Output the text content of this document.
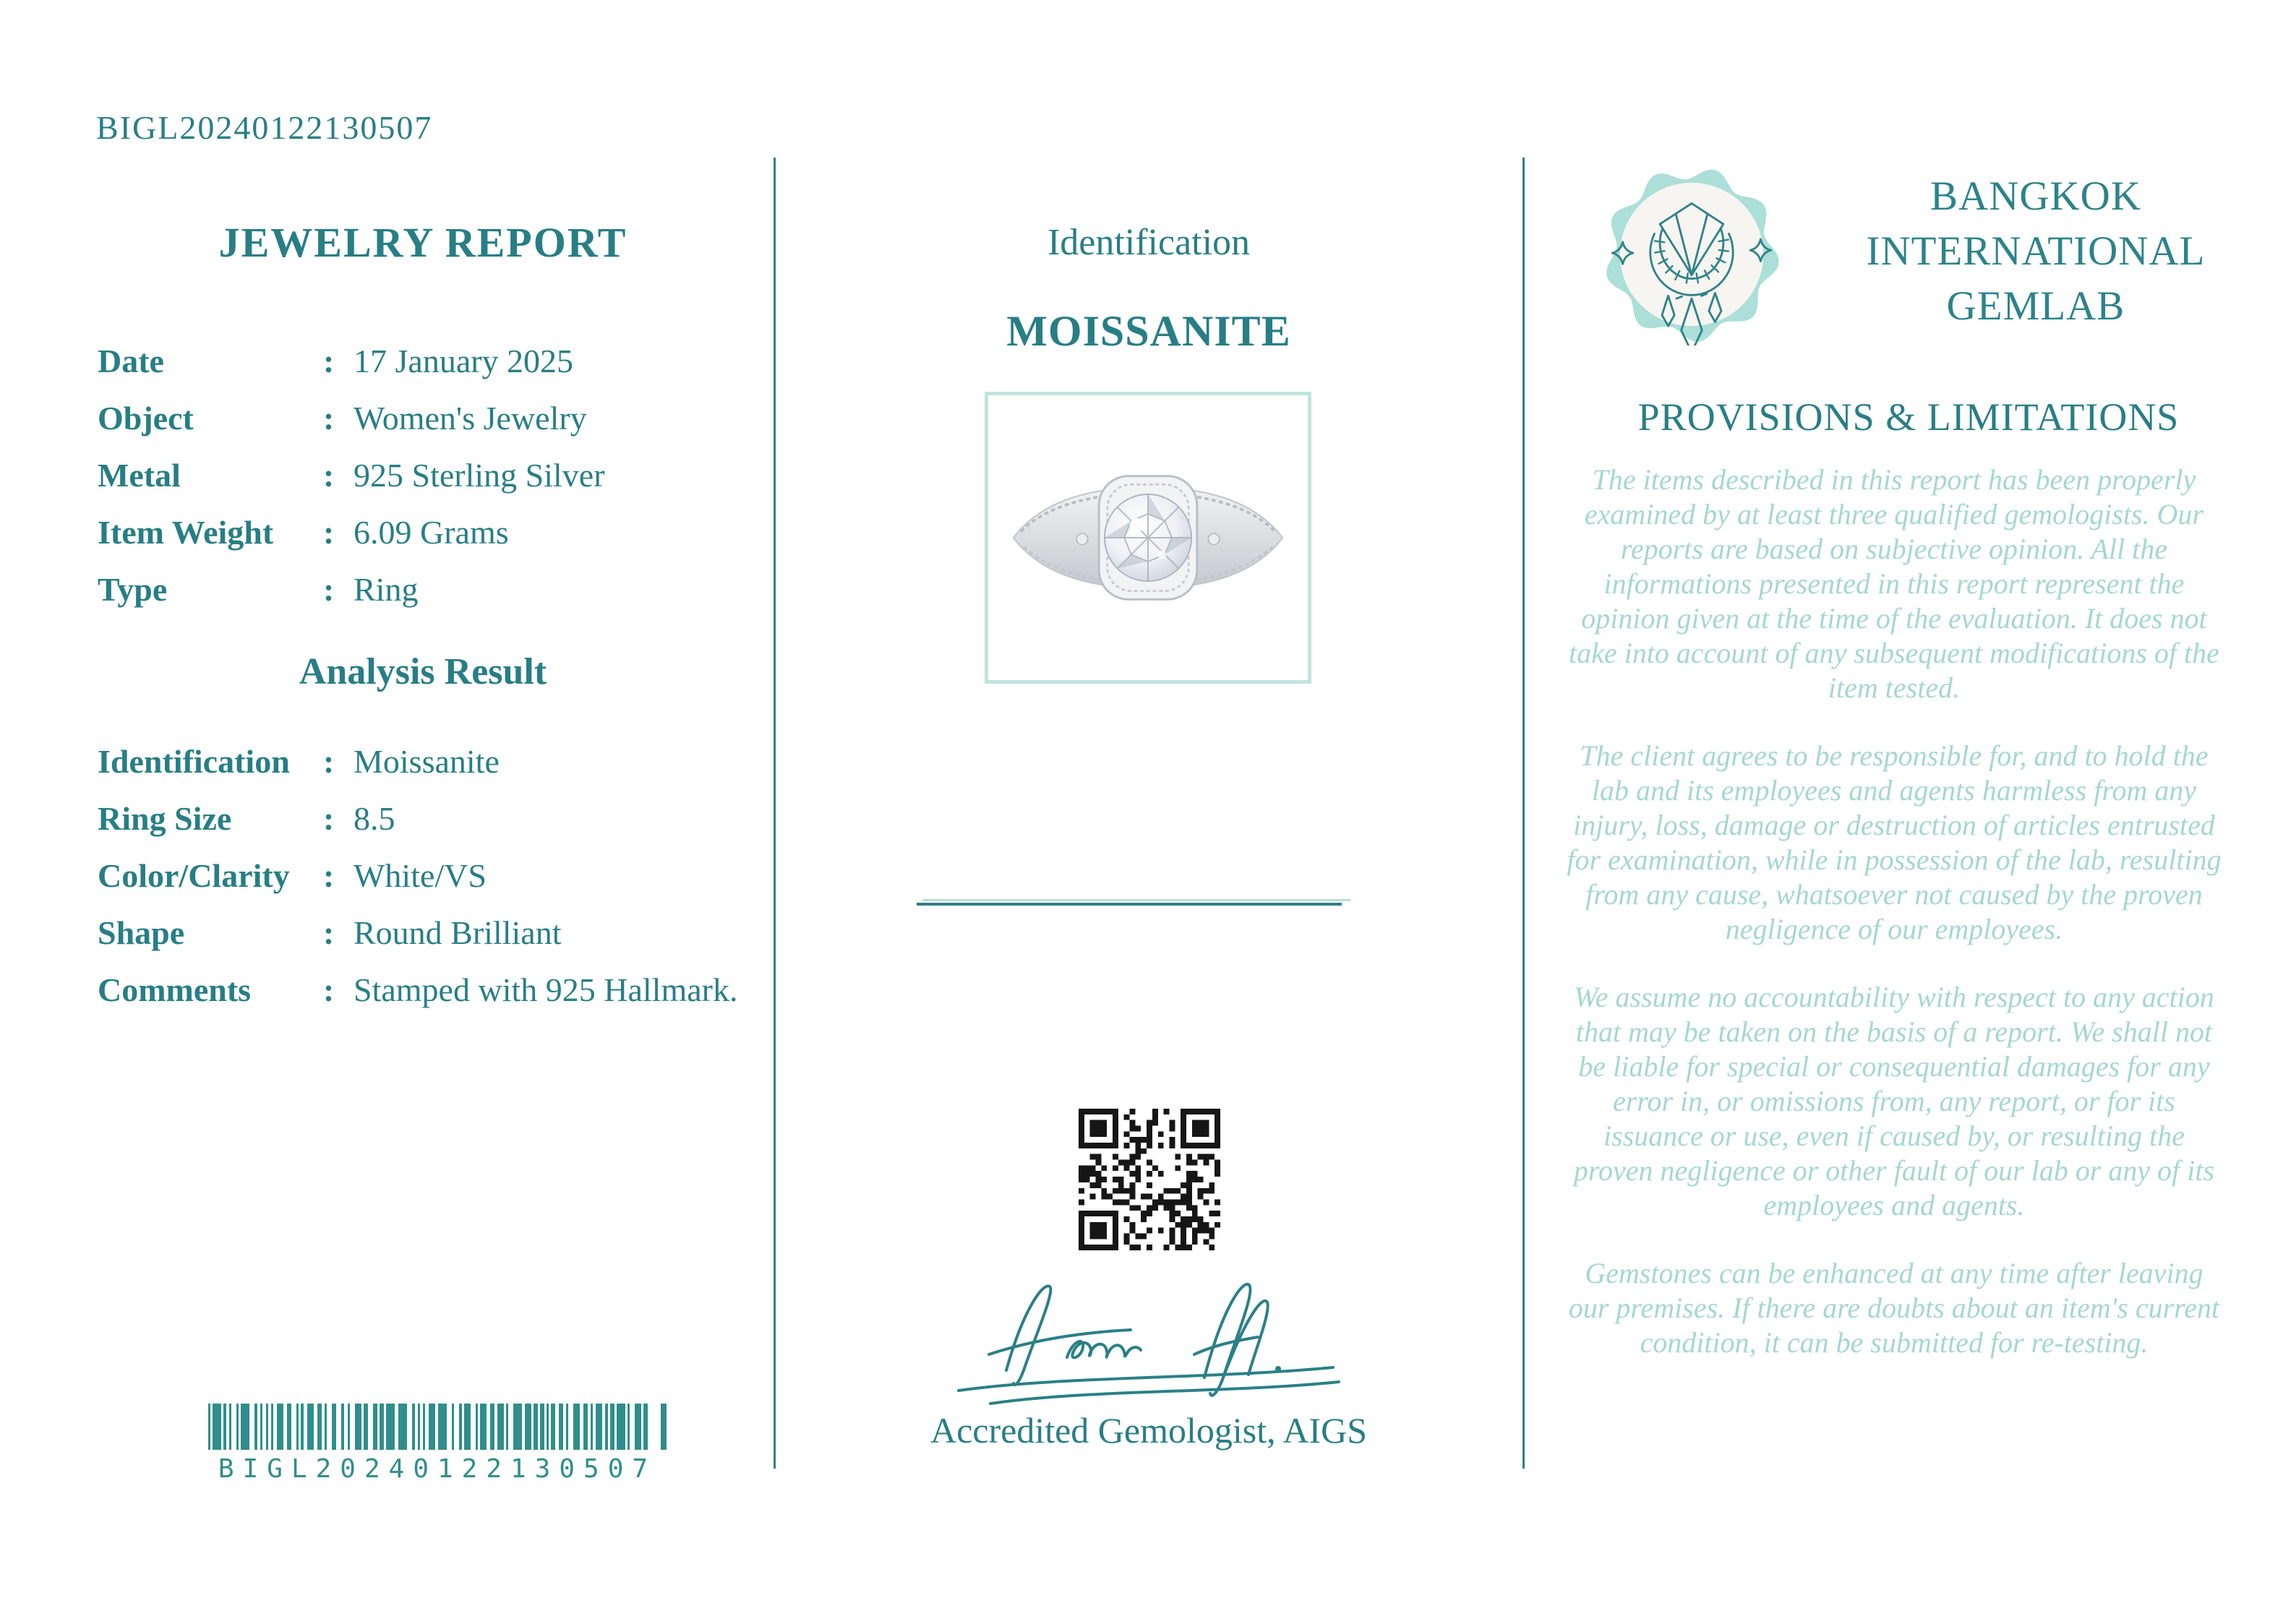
BIGL20240122130507
JEWELRY REPORT
Date	: 17 January 2025
Object	: Women's Jewelry
Metal	: 925 Sterling Silver
Item Weight	: 6.09 Grams
Type	: Ring
Analysis Result
Identification	: Moissanite
Ring Size	: 8.5
Color/Clarity	: White/VS
Shape	: Round Brilliant
Comments	: Stamped with 925 Hallmark.
BIGL20240122130507
Identification
MOISSANITE
Accredited Gemologist, AIGS
BANGKOK
INTERNATIONAL
GEMLAB
PROVISIONS & LIMITATIONS

The items described in this report has been properly examined by at least three qualified gemologists. Our reports are based on subjective opinion. All the informations presented in this report represent the opinion given at the time of the evaluation. It does not take into account of any subsequent modifications of the item tested.

The client agrees to be responsible for, and to hold the lab and its employees and agents harmless from any injury, loss, damage or destruction of articles entrusted for examination, while in possession of the lab, resulting from any cause, whatsoever not caused by the proven negligence of our employees.

We assume no accountability with respect to any action that may be taken on the basis of a report. We shall not be liable for special or consequential damages for any error in, or omissions from, any report, or for its issuance or use, even if caused by, or resulting the proven negligence or other fault of our lab or any of its employees and agents.

Gemstones can be enhanced at any time after leaving our premises. If there are doubts about an item's current condition, it can be submitted for re-testing.
